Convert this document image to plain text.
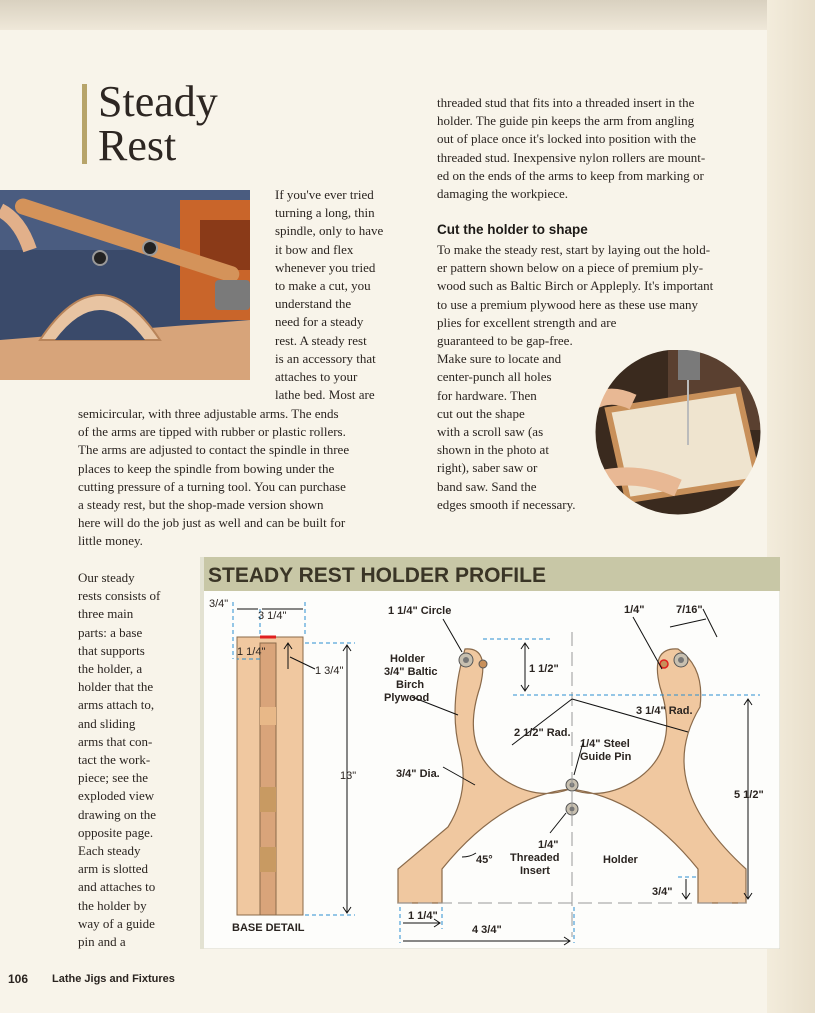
Steady
Rest

If you've ever tried

turning a long, thin

spindle, only to have

it bow and flex

whenever you tried

to make a cut, you

understand the

need for a steady

rest. A steady rest

is an accessory that

attaches to your

lathe bed. Most are

semicircular, with three adjustable arms. The ends

of the arms are tipped with rubber or plastic rollers.

The arms are adjusted to contact the spindle in three

places to keep the spindle from bowing under the

cutting pressure of a turning tool. You can purchase

a steady rest, but the shop-made version shown

here will do the job just as well and can be built for

little money.

Our steady

rests consists of

three main

parts: a base

that supports

the holder, a

holder that the

arms attach to,

and sliding

arms that con-

tact the work-

piece; see the

exploded view

drawing on the

opposite page.

Each steady

arm is slotted

and attaches to

the holder by

way of a guide

pin and a

threaded stud that fits into a threaded insert in the

holder. The guide pin keeps the arm from angling

out of place once it's locked into position with the

threaded stud. Inexpensive nylon rollers are mount-

ed on the ends of the arms to keep from marking or

damaging the workpiece.

Cut the holder to shape

To make the steady rest, start by laying out the hold-

er pattern shown below on a piece of premium ply-

wood such as Baltic Birch or Appleply. It's important

to use a premium plywood here as these use many

plies for excellent strength and are

guaranteed to be gap-free.

Make sure to locate and

center-punch all holes

for hardware. Then

cut out the shape

with a scroll saw (as

shown in the photo at

right), saber saw or

band saw. Sand the

edges smooth if necessary.

STEADY REST HOLDER PROFILE
3/4"
3 1/4"
1 1/4"
1 3/4"
13"
BASE DETAIL
1 1/4" Circle
Holder
3/4" Baltic
Birch
Plywood
1 1/2"
2 1/2" Rad.
3 1/4" Rad.
1/4" Steel
Guide Pin
3/4" Dia.
1/4"	7/16"
5 1/2"
45°
1/4"
Threaded
Insert
Holder
3/4"
1 1/4"
4 3/4"
106 Lathe Jigs and Fixtures
